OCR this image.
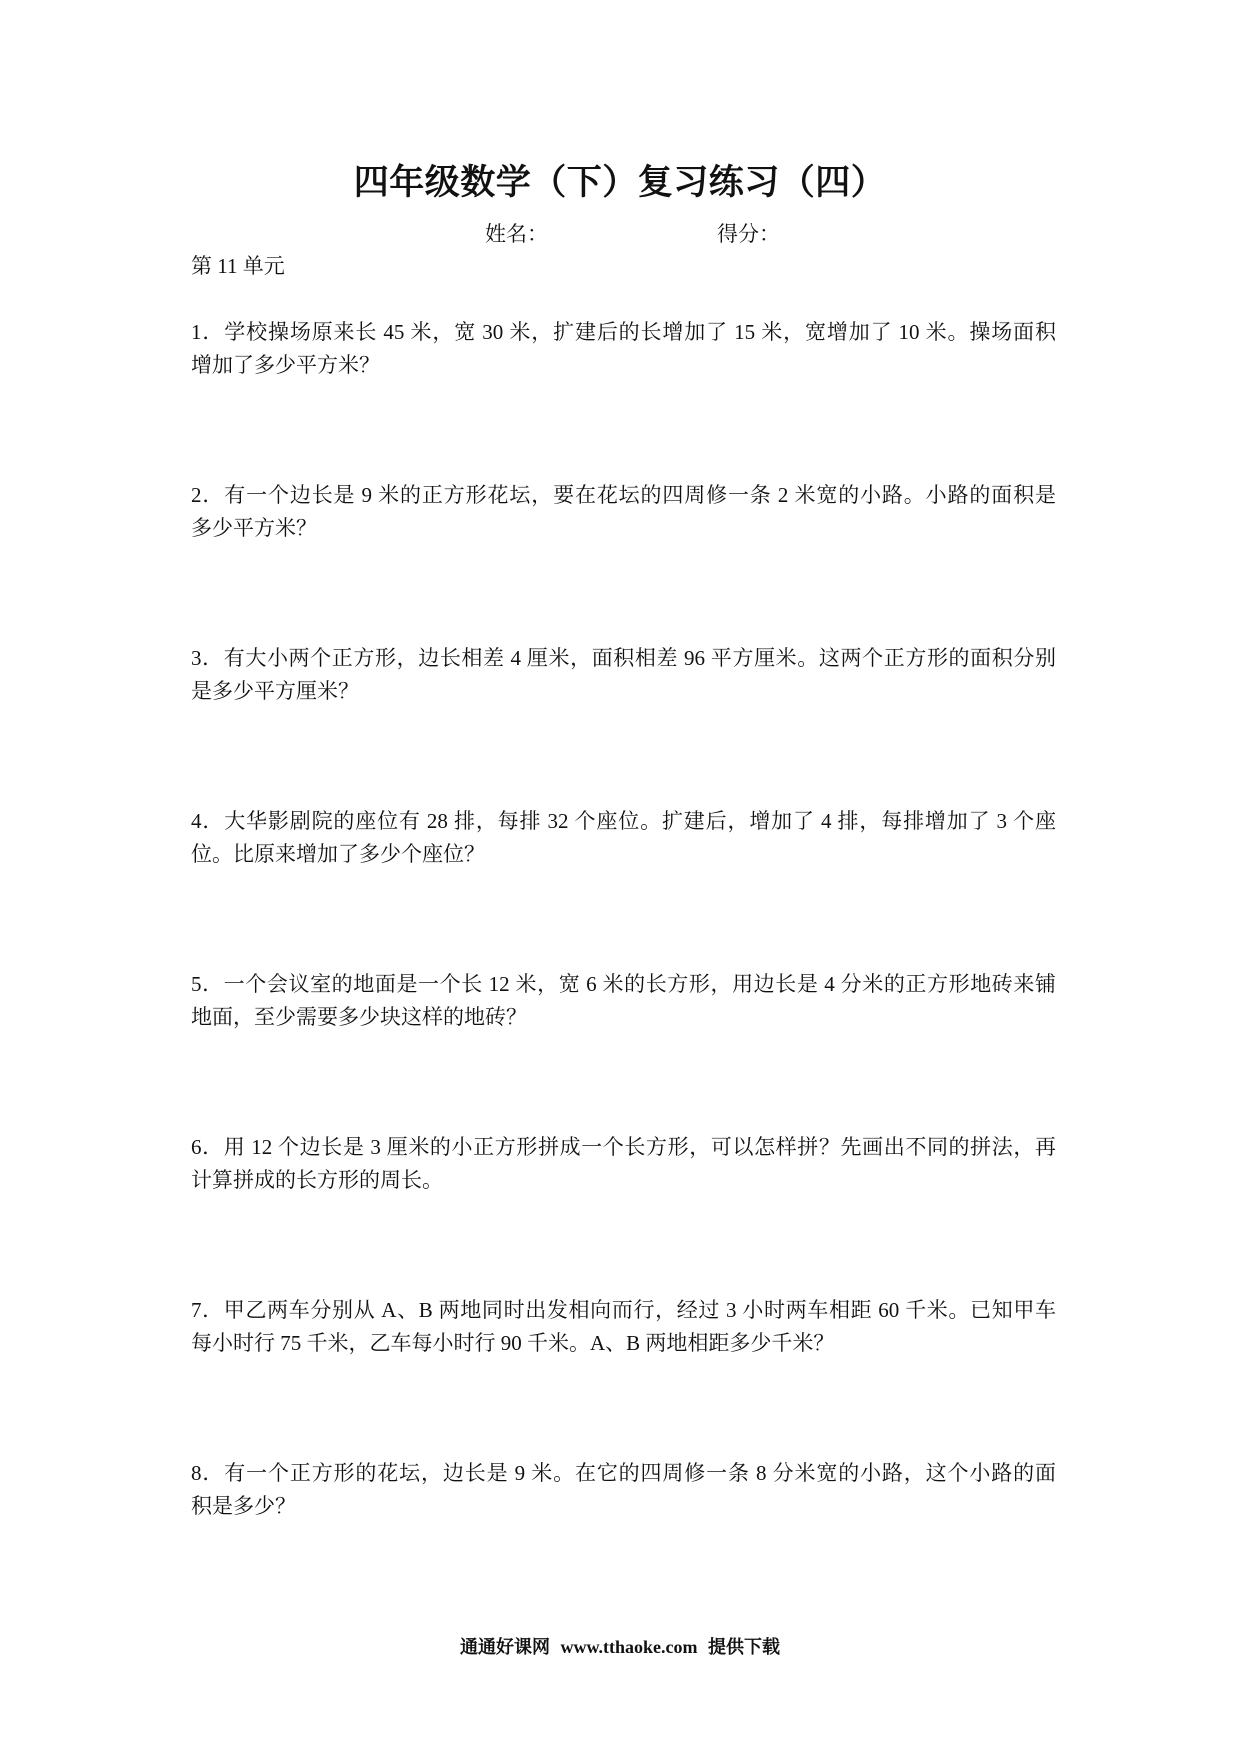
四年级数学（下）复习练习（四）
姓名：	得分：
第 11 单元
1．学校操场原来长 45 米，宽 30 米，扩建后的长增加了 15 米，宽增加了 10 米。操场面积
增加了多少平方米？
2．有一个边长是 9 米的正方形花坛，要在花坛的四周修一条 2 米宽的小路。小路的面积是
多少平方米？
3．有大小两个正方形，边长相差 4 厘米，面积相差 96 平方厘米。这两个正方形的面积分别
是多少平方厘米？
4．大华影剧院的座位有 28 排，每排 32 个座位。扩建后，增加了 4 排，每排增加了 3 个座
位。比原来增加了多少个座位？
5．一个会议室的地面是一个长 12 米，宽 6 米的长方形，用边长是 4 分米的正方形地砖来铺
地面，至少需要多少块这样的地砖？
6．用 12 个边长是 3 厘米的小正方形拼成一个长方形，可以怎样拼？先画出不同的拼法，再
计算拼成的长方形的周长。
7．甲乙两车分别从 A、B 两地同时出发相向而行，经过 3 小时两车相距 60 千米。已知甲车
每小时行 75 千米，乙车每小时行 90 千米。A、B 两地相距多少千米？
8．有一个正方形的花坛，边长是 9 米。在它的四周修一条 8 分米宽的小路，这个小路的面
积是多少？
通通好课网 www.tthaoke.com 提供下载
